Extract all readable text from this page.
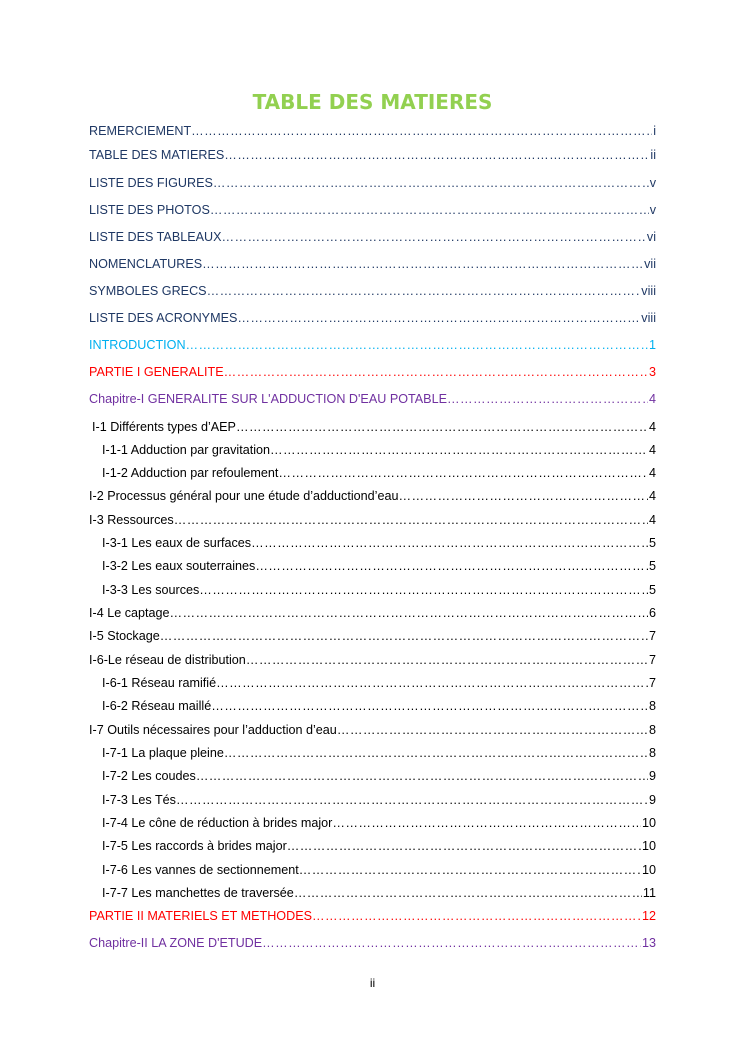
TABLE DES MATIERES
REMERCIEMENT ……………………………………………………………………………………………………………………………………………………………………………………………………………………	i
TABLE DES MATIERES ……………………………………………………………………………………………………………………………………………………………………………………………………………………	ii
LISTE DES FIGURES ……………………………………………………………………………………………………………………………………………………………………………………………………………………	v
LISTE DES PHOTOS ……………………………………………………………………………………………………………………………………………………………………………………………………………………	v
LISTE DES TABLEAUX ……………………………………………………………………………………………………………………………………………………………………………………………………………………	vi
NOMENCLATURES ……………………………………………………………………………………………………………………………………………………………………………………………………………………	vii
SYMBOLES GRECS ……………………………………………………………………………………………………………………………………………………………………………………………………………………	viii
LISTE DES ACRONYMES ……………………………………………………………………………………………………………………………………………………………………………………………………………………	viii
INTRODUCTION ……………………………………………………………………………………………………………………………………………………………………………………………………………………	1
PARTIE I GENERALITE ……………………………………………………………………………………………………………………………………………………………………………………………………………………	3
Chapitre-I GENERALITE SUR L'ADDUCTION D'EAU POTABLE ……………………………………………………………………………………………………………………………………………………………………………………………………………………	4
I-1 Différents types d’AEP ……………………………………………………………………………………………………………………………………………………………………………………………………………………	4
I-1-1 Adduction par gravitation ……………………………………………………………………………………………………………………………………………………………………………………………………………………	4
I-1-2 Adduction par refoulement ……………………………………………………………………………………………………………………………………………………………………………………………………………………	4
I-2 Processus général pour une étude d’adductiond’eau ……………………………………………………………………………………………………………………………………………………………………………………………………………………	4
I-3 Ressources ……………………………………………………………………………………………………………………………………………………………………………………………………………………	4
I-3-1 Les eaux de surfaces ……………………………………………………………………………………………………………………………………………………………………………………………………………………	5
I-3-2 Les eaux souterraines ……………………………………………………………………………………………………………………………………………………………………………………………………………………	5
I-3-3 Les sources ……………………………………………………………………………………………………………………………………………………………………………………………………………………	5
I-4 Le captage ……………………………………………………………………………………………………………………………………………………………………………………………………………………	6
I-5 Stockage ……………………………………………………………………………………………………………………………………………………………………………………………………………………	7
I-6-Le réseau de distribution ……………………………………………………………………………………………………………………………………………………………………………………………………………………	7
I-6-1 Réseau ramifié ……………………………………………………………………………………………………………………………………………………………………………………………………………………	7
I-6-2 Réseau maillé ……………………………………………………………………………………………………………………………………………………………………………………………………………………	8
I-7 Outils nécessaires pour l’adduction d’eau ……………………………………………………………………………………………………………………………………………………………………………………………………………………	8
I-7-1 La plaque pleine ……………………………………………………………………………………………………………………………………………………………………………………………………………………	8
I-7-2 Les coudes ……………………………………………………………………………………………………………………………………………………………………………………………………………………	9
I-7-3 Les Tés ……………………………………………………………………………………………………………………………………………………………………………………………………………………	9
I-7-4 Le cône de réduction à brides major ……………………………………………………………………………………………………………………………………………………………………………………………………………………	10
I-7-5 Les raccords à brides major ……………………………………………………………………………………………………………………………………………………………………………………………………………………	10
I-7-6 Les vannes de sectionnement ……………………………………………………………………………………………………………………………………………………………………………………………………………………	10
I-7-7 Les manchettes de traversée ……………………………………………………………………………………………………………………………………………………………………………………………………………………	11
PARTIE II MATERIELS ET METHODES ……………………………………………………………………………………………………………………………………………………………………………………………………………………	12
Chapitre-II LA ZONE D'ETUDE ……………………………………………………………………………………………………………………………………………………………………………………………………………………	13
ii
